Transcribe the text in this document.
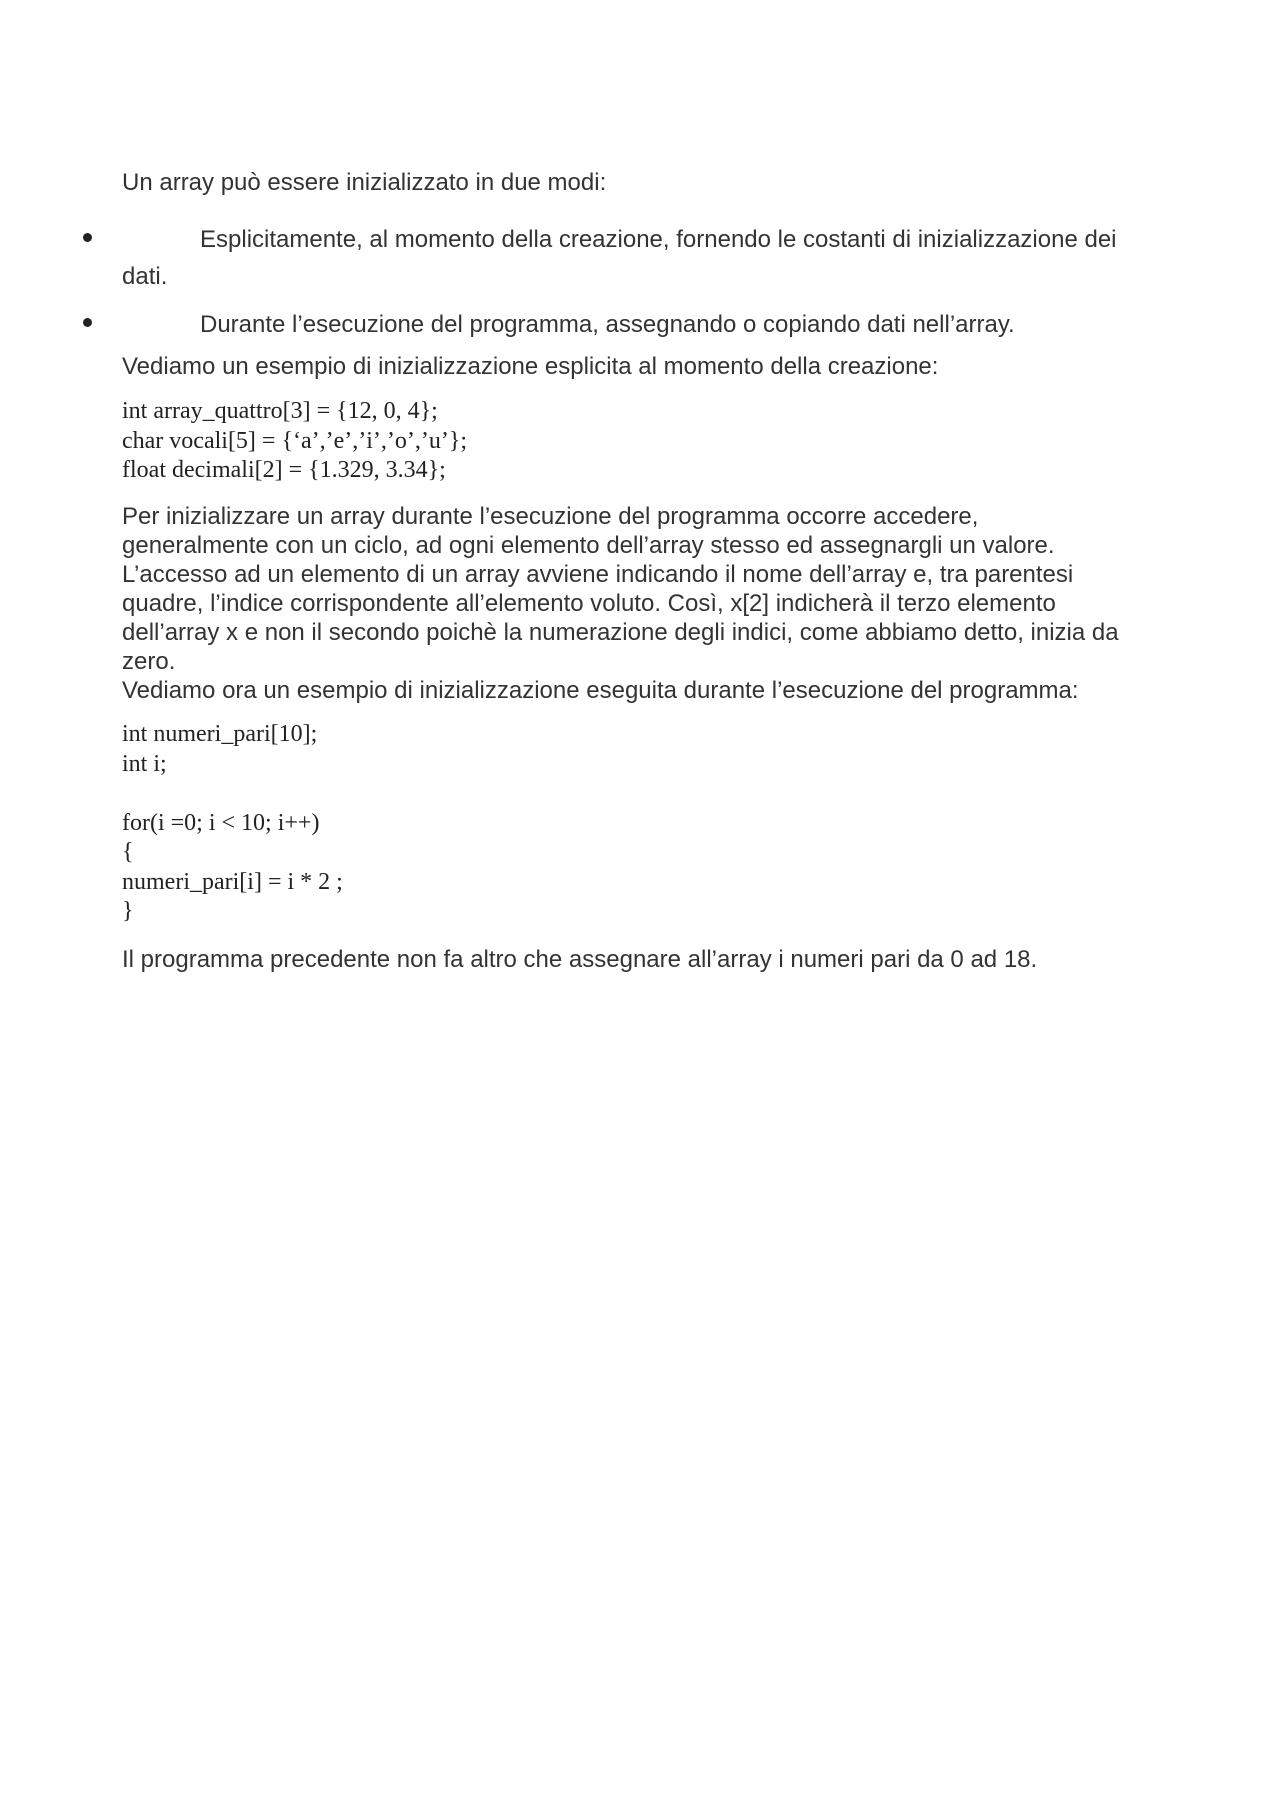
Un array può essere inizializzato in due modi:

Esplicitamente, al momento della creazione, fornendo le costanti di inizializzazione dei dati.

Durante l’esecuzione del programma, assegnando o copiando dati nell’array.

Vediamo un esempio di inizializzazione esplicita al momento della creazione:

int array_quattro[3] = {12, 0, 4};
char vocali[5] = {‘a’,’e’,’i’,’o’,’u’};
float decimali[2] = {1.329, 3.34};
Per inizializzare un array durante l’esecuzione del programma occorre accedere, generalmente con un ciclo, ad ogni elemento dell’array stesso ed assegnargli un valore.
L’accesso ad un elemento di un array avviene indicando il nome dell’array e, tra parentesi quadre, l’indice corrispondente all’elemento voluto. Così, x[2] indicherà il terzo elemento dell’array x e non il secondo poichè la numerazione degli indici, come abbiamo detto, inizia da zero.
Vediamo ora un esempio di inizializzazione eseguita durante l’esecuzione del programma:
int numeri_pari[10];
int i;

for(i =0; i < 10; i++)
{
numeri_pari[i] = i * 2 ;
}

Il programma precedente non fa altro che assegnare all’array i numeri pari da 0 ad 18.
